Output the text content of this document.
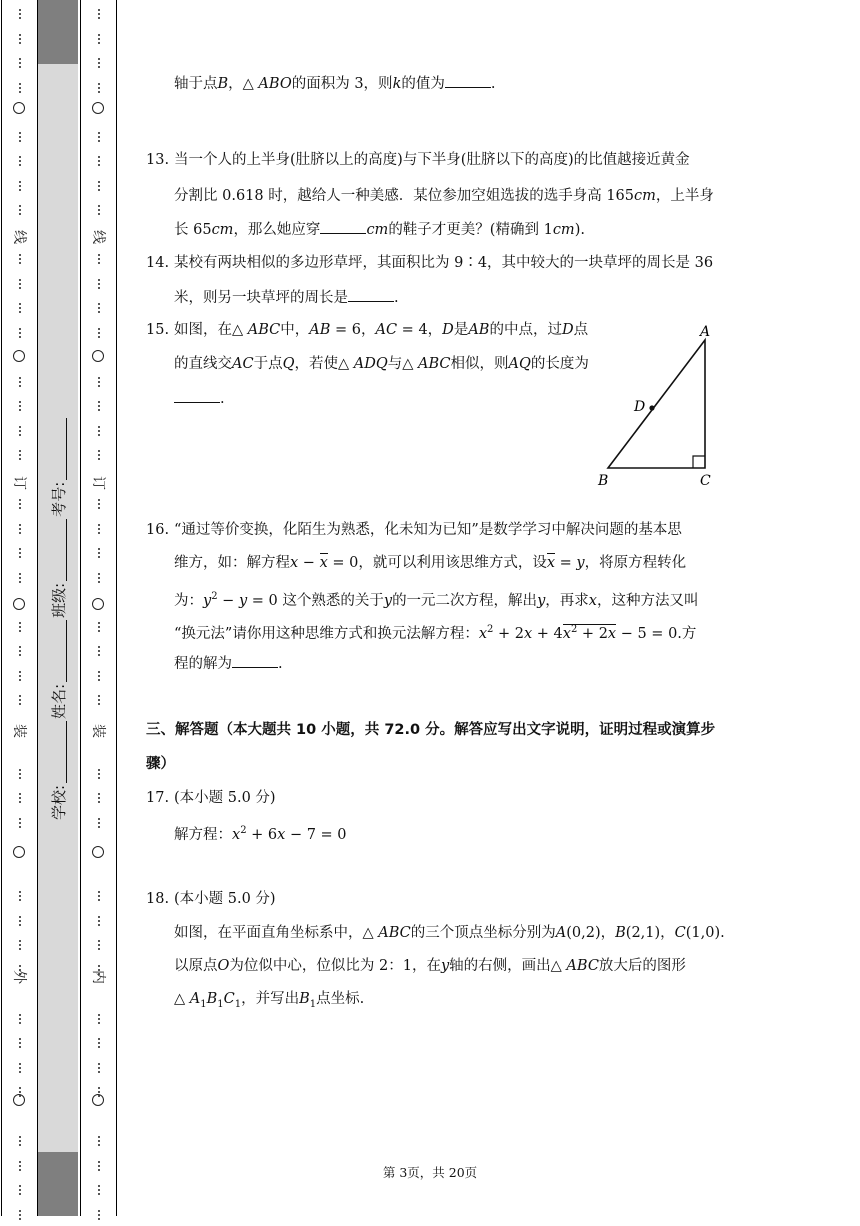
线
订
装
外
线
订
装
内
学校:
姓名:
班级:
考号:
轴于点B，△ ABO的面积为 3，则k的值为	.
13. 当一个人的上半身(肚脐以上的高度)与下半身(肚脐以下的高度)的比值越接近黄金
分割比 0.618 时，越给人一种美感．某位参加空姐选拔的选手身高 165cm，上半身
长 65cm，那么她应穿	cm的鞋子才更美？(精确到 1cm).
14. 某校有两块相似的多边形草坪，其面积比为 9∶4，其中较大的一块草坪的周长是 36
米，则另一块草坪的周长是	.
15. 如图，在△ ABC中，AB = 6，AC = 4，D是AB的中点，过D点
的直线交AC于点Q，若使△ ADQ与△ ABC相似，则AQ的长度为
.
16. “通过等价变换，化陌生为熟悉，化未知为已知”是数学学习中解决问题的基本思
维方，如：解方程x − x = 0，就可以利用该思维方式，设x = y，将原方程转化
为：$y^2 - y = 0$ 这个熟悉的关于y的一元二次方程，解出y，再求x，这种方法又叫
“换元法”请你用这种思维方式和换元法解方程：$x^2 + 2x + 4x^2 + 2x - 5 = 0$.方
程的解为	.
三、解答题（本大题共 10 小题，共 72.0 分。解答应写出文字说明，证明过程或演算步
骤）
17. (本小题 5.0 分)
解方程：$x^2 + 6x - 7 = 0$
18. (本小题 5.0 分)
如图，在平面直角坐标系中，△ ABC的三个顶点坐标分别为A(0,2)，B(2,1)，C(1,0).
以原点O为位似中心，位似比为 2：1，在y轴的右侧，画出△ ABC放大后的图形
△ $A_1B_1C_1$，并写出$B_1$点坐标.
A
B	C
D
第 3页，共 20页
